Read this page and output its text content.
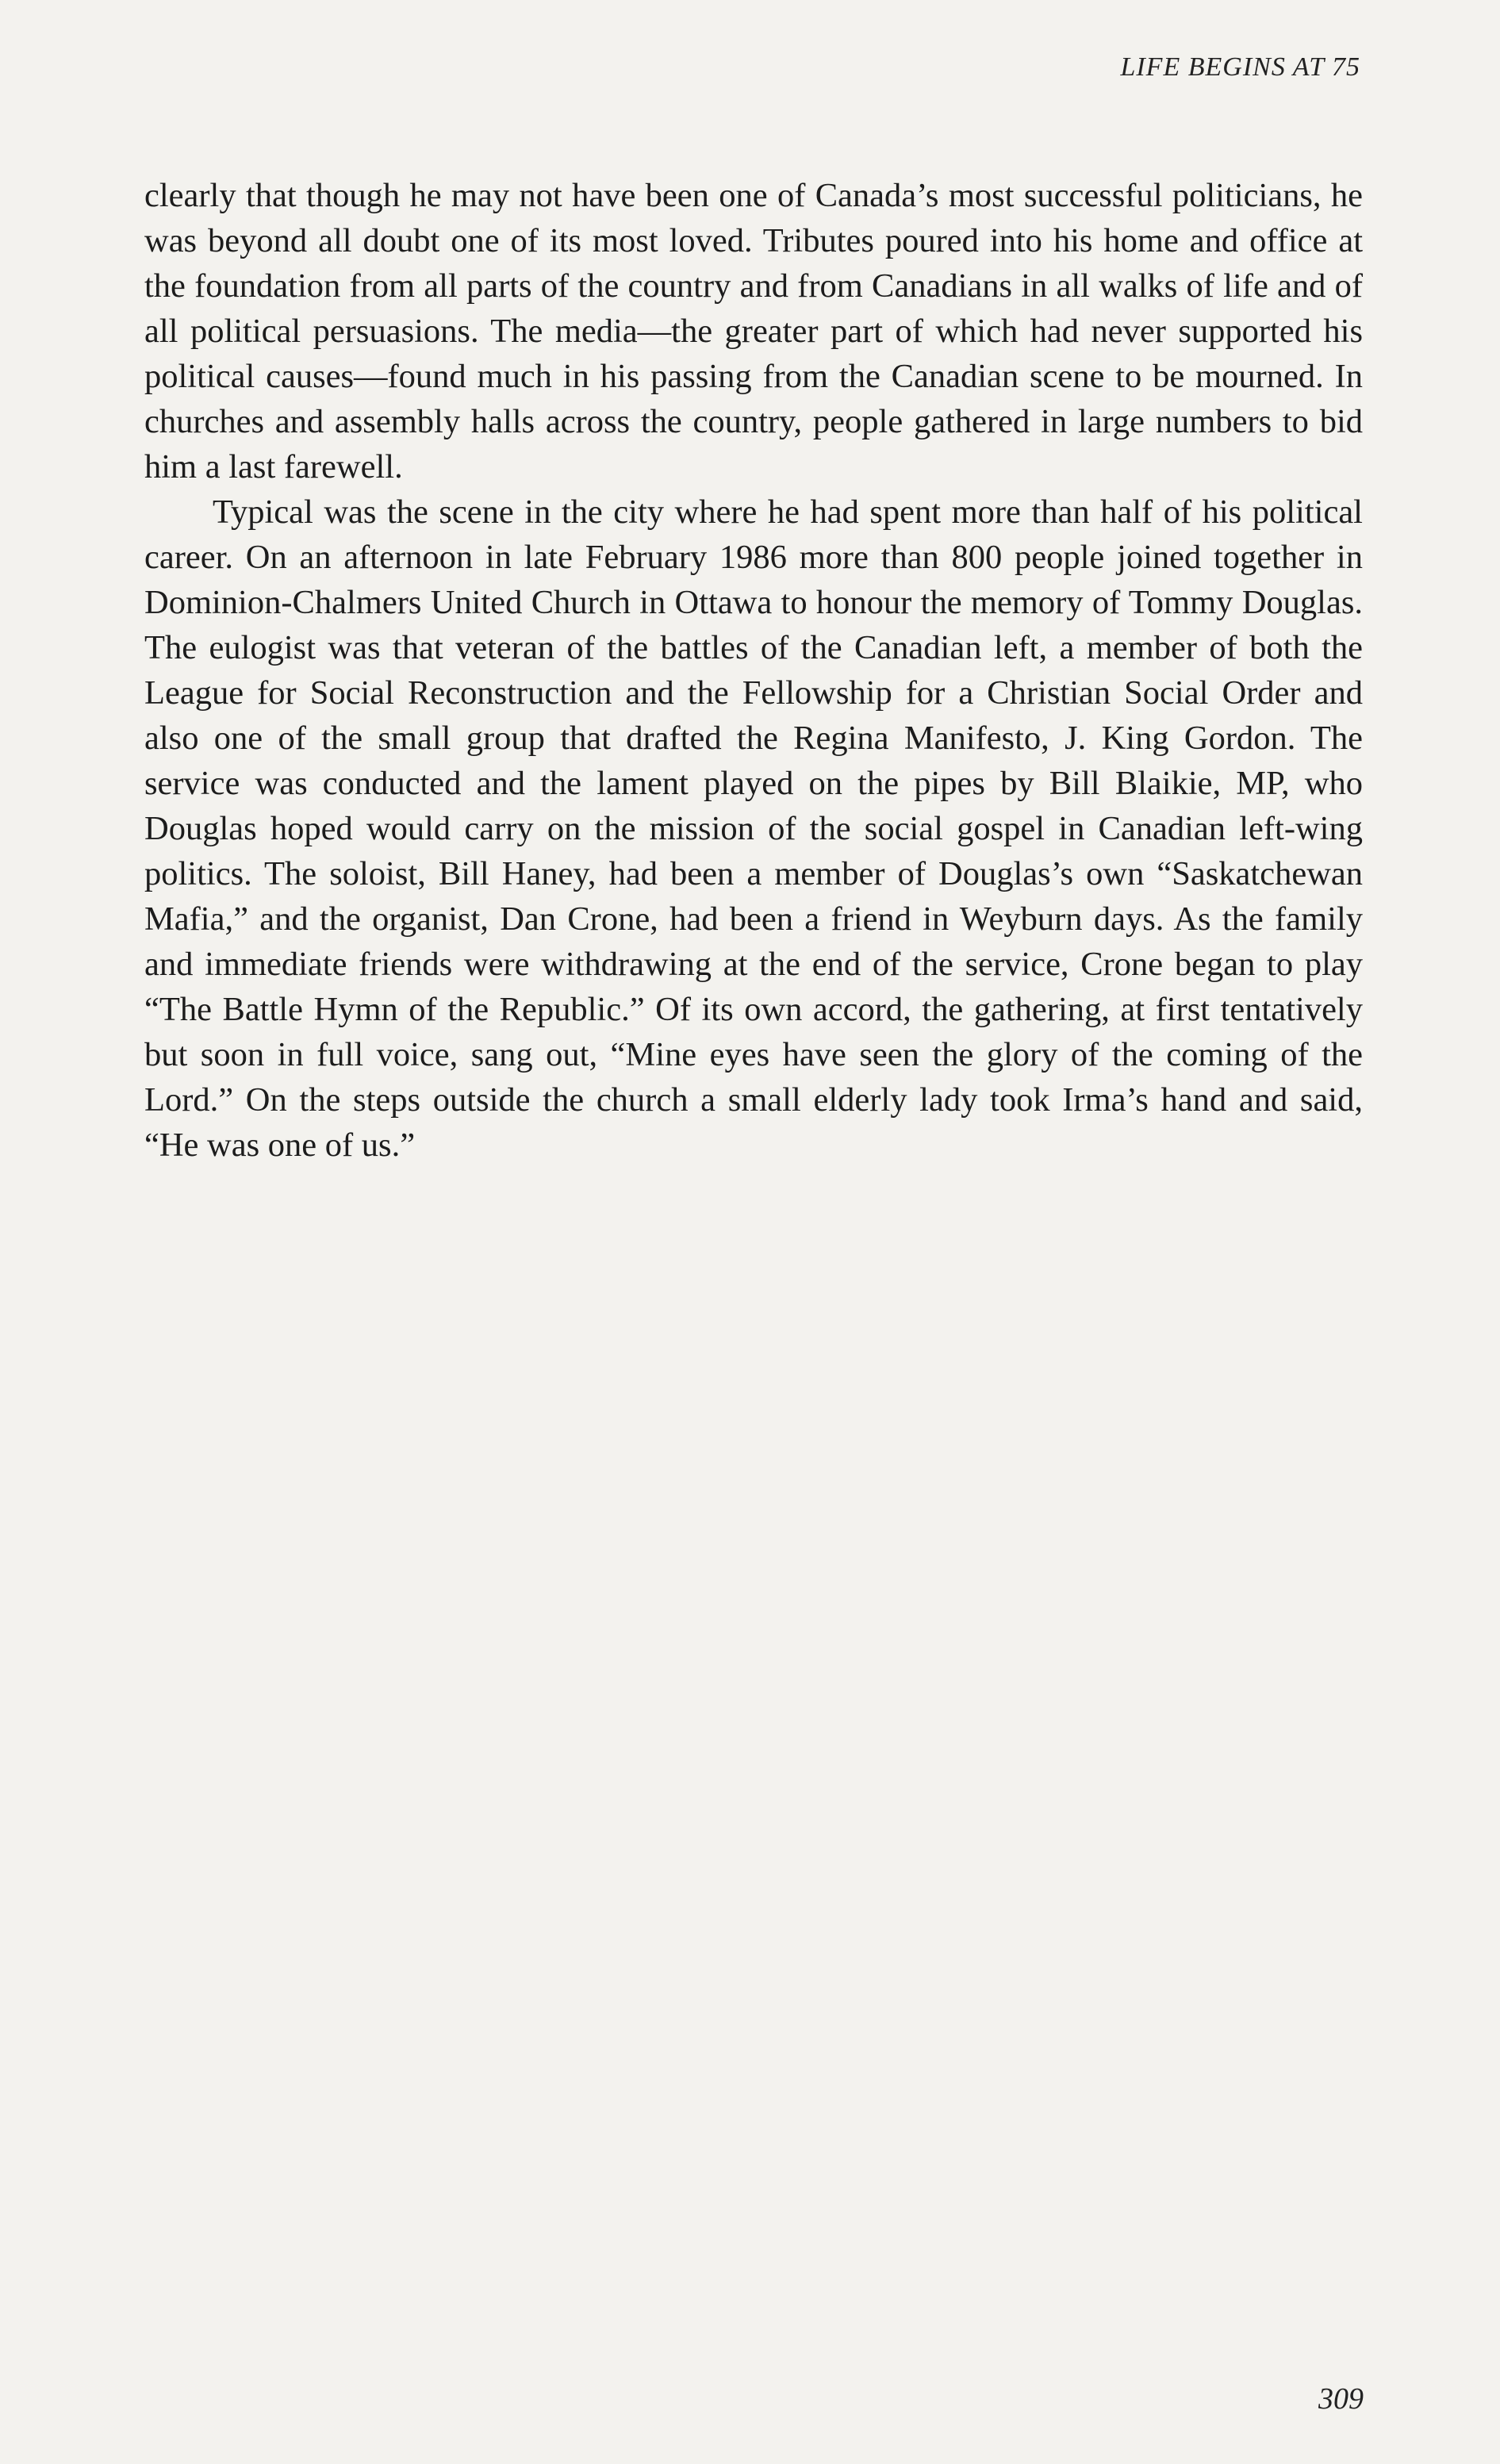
LIFE BEGINS AT 75

clearly that though he may not have been one of Canada’s most successful politicians, he was beyond all doubt one of its most loved. Tributes poured into his home and office at the foundation from all parts of the country and from Canadians in all walks of life and of all political persuasions. The media—the greater part of which had never supported his political causes—found much in his passing from the Canadian scene to be mourned. In churches and assembly halls across the country, people gathered in large numbers to bid him a last farewell.

Typical was the scene in the city where he had spent more than half of his political career. On an afternoon in late February 1986 more than 800 people joined together in Dominion-Chalmers United Church in Ottawa to honour the memory of Tommy Douglas. The eulogist was that veteran of the battles of the Canadian left, a member of both the League for Social Reconstruction and the Fellowship for a Christian Social Order and also one of the small group that drafted the Regina Manifesto, J. King Gordon. The service was conducted and the lament played on the pipes by Bill Blaikie, MP, who Douglas hoped would carry on the mission of the social gospel in Canadian left-wing politics. The soloist, Bill Haney, had been a member of Douglas’s own “Saskatchewan Mafia,” and the organist, Dan Crone, had been a friend in Weyburn days. As the family and immediate friends were withdrawing at the end of the service, Crone began to play “The Battle Hymn of the Republic.” Of its own accord, the gathering, at first tentatively but soon in full voice, sang out, “Mine eyes have seen the glory of the coming of the Lord.” On the steps outside the church a small elderly lady took Irma’s hand and said, “He was one of us.”

309
